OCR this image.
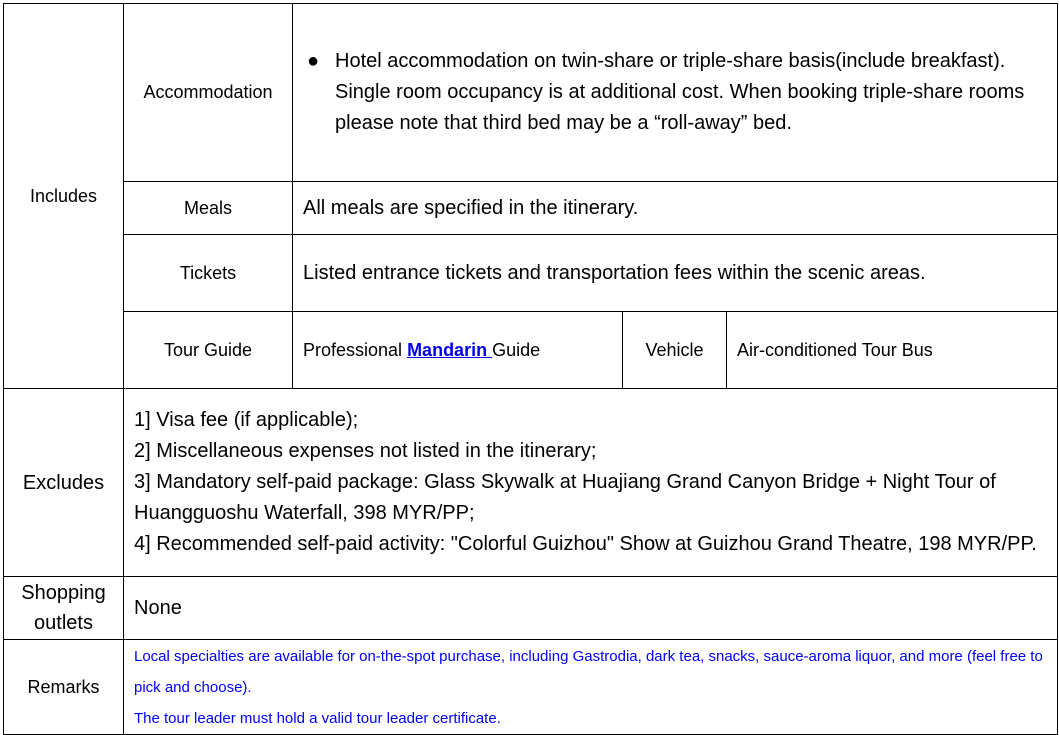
Includes	Accommodation	● Hotel accommodation on twin-share or triple-share basis(include breakfast). Single room occupancy is at additional cost. When booking triple-share rooms please note that third bed may be a “roll-away” bed.		

	Meals	All meals are specified in the itinerary.		
	Tickets	Listed entrance tickets and transportation fees within the scenic areas.		
	Tour Guide	Professional Mandarin Guide	Vehicle	Air-conditioned Tour Bus
Excludes	1] Visa fee (if applicable);
2] Miscellaneous expenses not listed in the itinerary;
3] Mandatory self-paid package: Glass Skywalk at Huajiang Grand Canyon Bridge + Night Tour of Huangguoshu Waterfall, 398 MYR/PP;
4] Recommended self-paid activity: "Colorful Guizhou" Show at Guizhou Grand Theatre, 198 MYR/PP.			

Shopping outlets	None			
Remarks	Local specialties are available for on-the-spot purchase, including Gastrodia, dark tea, snacks, sauce-aroma liquor, and more (feel free to pick and choose).
The tour leader must hold a valid tour leader certificate.			
